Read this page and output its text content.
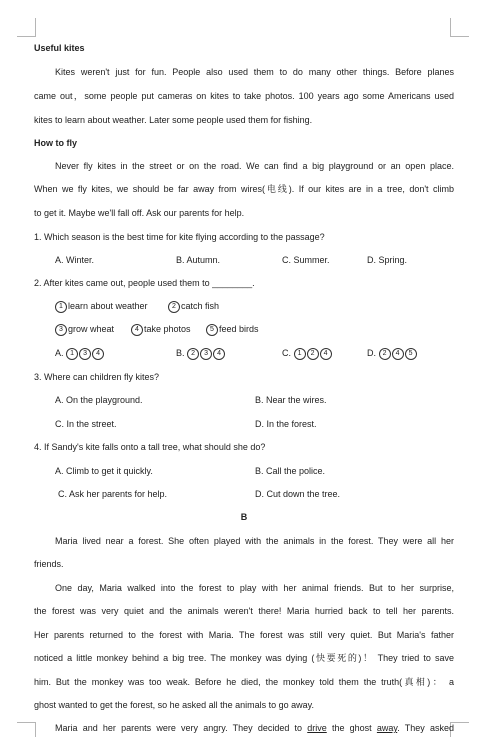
Useful kites
Kites weren't just for fun. People also used them to do many other things. Before planes
came out，some people put cameras on kites to take photos. 100 years ago some Americans used
kites to learn about weather. Later some people used them for fishing.
How to fly
Never fly kites in the street or on the road. We can find a big playground or an open place.
When we fly kites, we should be far away from wires(电线). If our kites are in a tree, don't climb
to get it. Maybe we'll fall off. Ask our parents for help.
1. Which season is the best time for kite flying according to the passage?
A. Winter.	B. Autumn.	C. Summer.	D. Spring.
2. After kites came out, people used them to ________.
1 learn about weather	2 catch fish
3 grow wheat	4 take photos	5 feed birds
A. 1 3 4	B. 2 3 4	C. 1 2 4	D. 2 4 5
3. Where can children fly kites?
A. On the playground.	B. Near the wires.
C. In the street.	D. In the forest.
4. If Sandy's kite falls onto a tall tree, what should she do?
A. Climb to get it quickly.	B. Call the police.
C. Ask her parents for help.	D. Cut down the tree.
B
Maria lived near a forest. She often played with the animals in the forest. They were all her
friends.
One day, Maria walked into the forest to play with her animal friends. But to her surprise,
the forest was very quiet and the animals weren't there! Maria hurried back to tell her parents.
Her parents returned to the forest with Maria. The forest was still very quiet. But Maria's father
noticed a little monkey behind a big tree. The monkey was dying (快要死的)！ They tried to save
him. But the monkey was too weak. Before he died, the monkey told them the truth(真相)： a
ghost wanted to get the forest, so he asked all the animals to go away.
Maria and her parents were very angry. They decided to drive the ghost away. They asked
